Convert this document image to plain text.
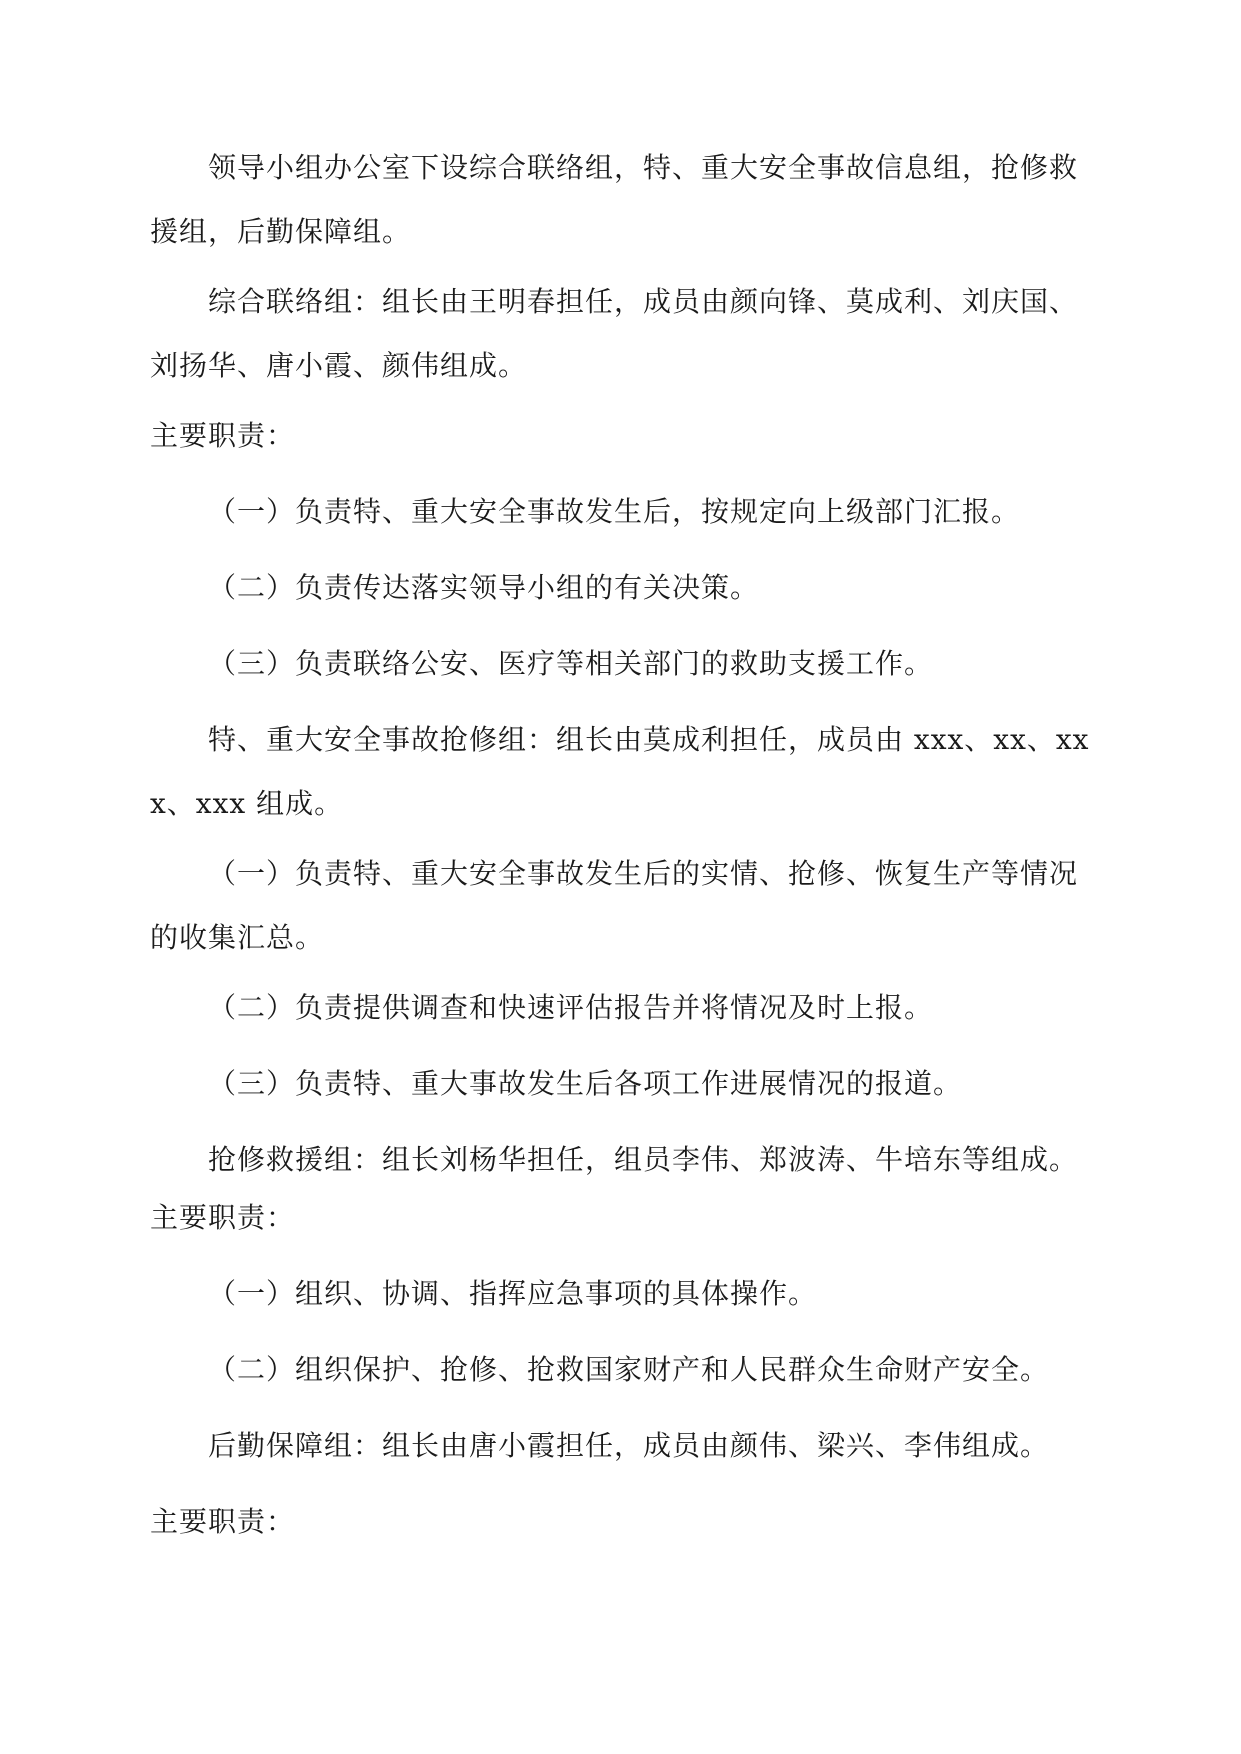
领导小组办公室下设综合联络组，特、重大安全事故信息组，抢修救援组，后勤保障组。

综合联络组：组长由王明春担任，成员由颜向锋、莫成利、刘庆国、刘扬华、唐小霞、颜伟组成。

主要职责：

（一）负责特、重大安全事故发生后，按规定向上级部门汇报。

（二）负责传达落实领导小组的有关决策。

（三）负责联络公安、医疗等相关部门的救助支援工作。

特、重大安全事故抢修组：组长由莫成利担任，成员由 xxx、xx、xxx、xxx 组成。

（一）负责特、重大安全事故发生后的实情、抢修、恢复生产等情况的收集汇总。

（二）负责提供调查和快速评估报告并将情况及时上报。

（三）负责特、重大事故发生后各项工作进展情况的报道。

抢修救援组：组长刘杨华担任，组员李伟、郑波涛、牛培东等组成。

主要职责：

（一）组织、协调、指挥应急事项的具体操作。

（二）组织保护、抢修、抢救国家财产和人民群众生命财产安全。

后勤保障组：组长由唐小霞担任，成员由颜伟、梁兴、李伟组成。

主要职责：
